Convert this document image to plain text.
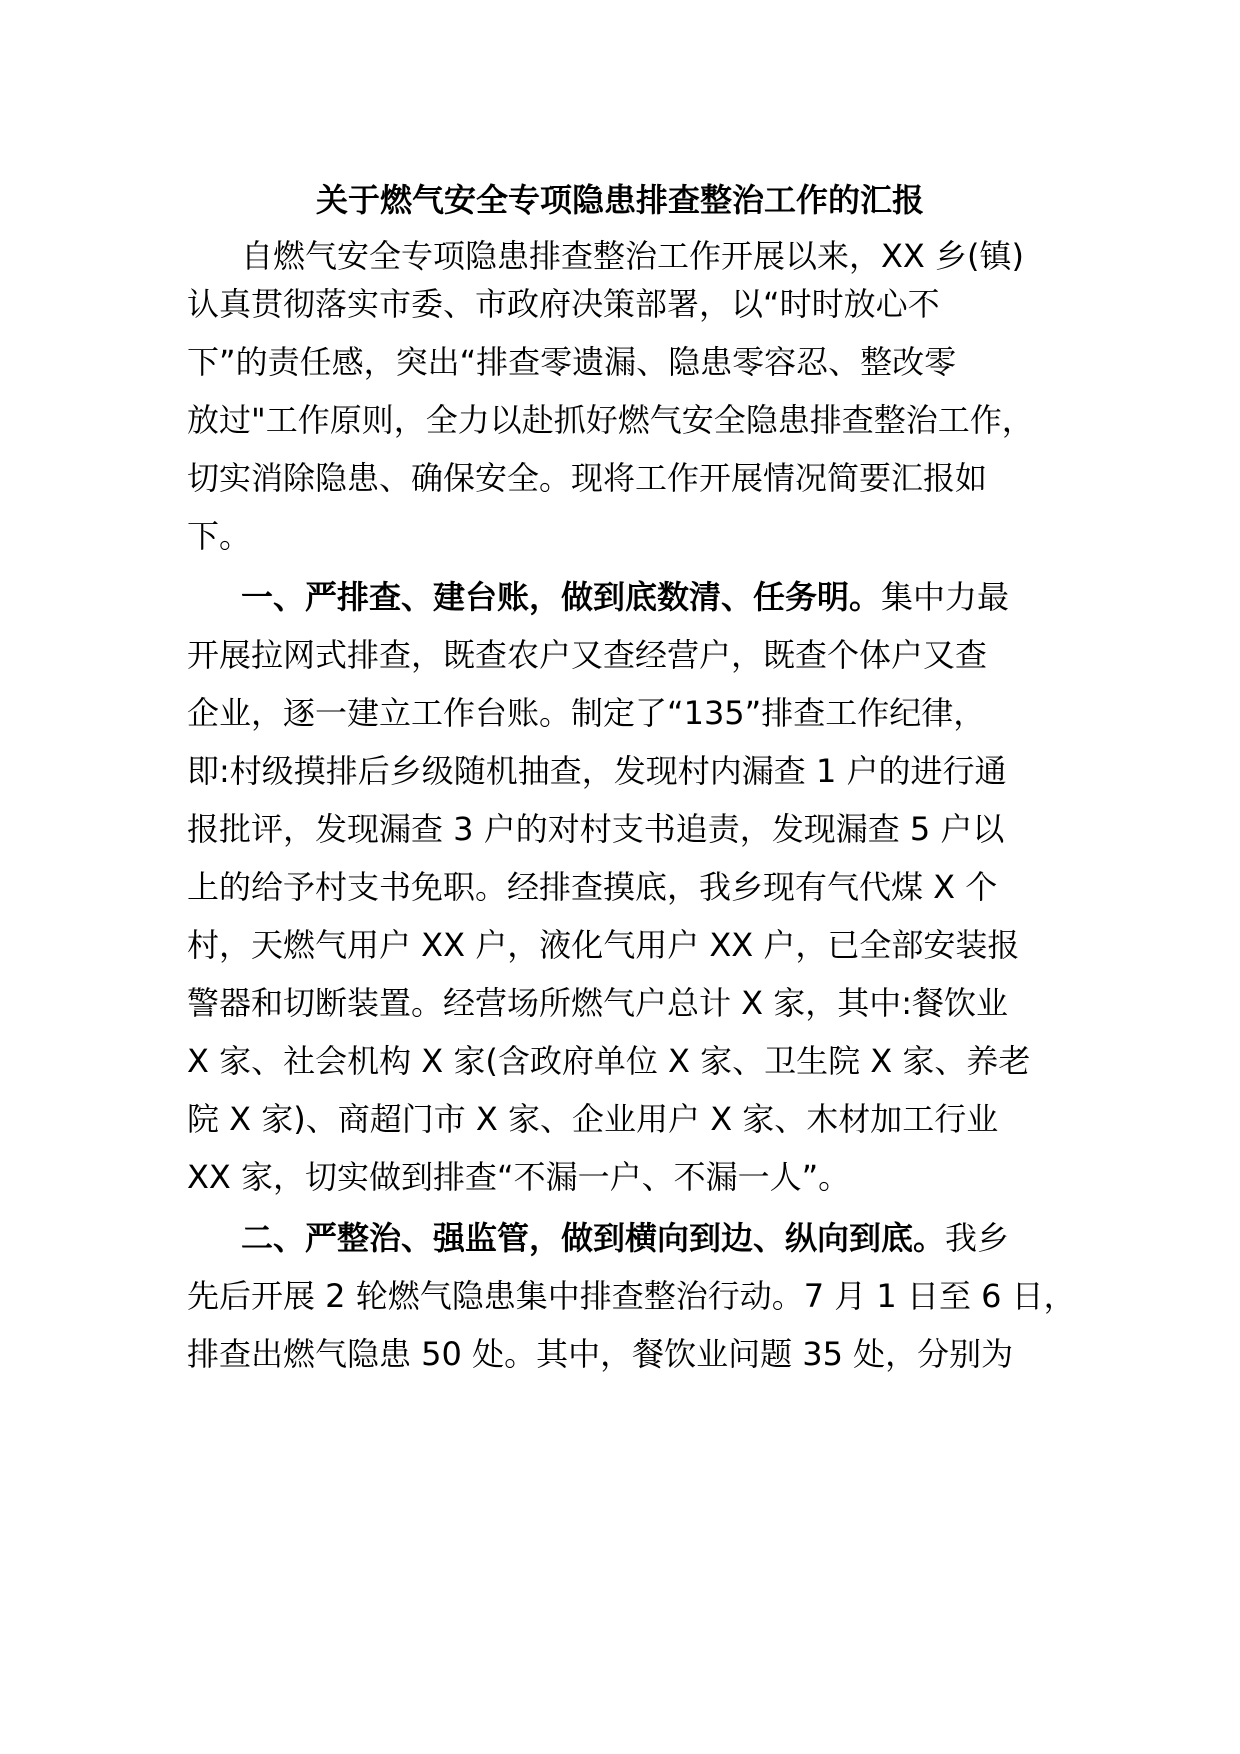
关于燃气安全专项隐患排查整治工作的汇报

自燃气安全专项隐患排查整治工作开展以来，XX 乡(镇)

认真贯彻落实市委、市政府决策部署，以“时时放心不

下”的责任感，突出“排查零遗漏、隐患零容忍、整改零

放过"工作原则，全力以赴抓好燃气安全隐患排查整治工作，

切实消除隐患、确保安全。现将工作开展情况简要汇报如

下。

一、严排查、建台账，做到底数清、任务明。集中力最

开展拉网式排查，既查农户又查经营户，既查个体户又查

企业，逐一建立工作台账。制定了“135”排查工作纪律，

即:村级摸排后乡级随机抽查，发现村内漏查 1 户的进行通

报批评，发现漏查 3 户的对村支书追责，发现漏查 5 户以

上的给予村支书免职。经排查摸底，我乡现有气代煤 X 个

村，天燃气用户 XX 户，液化气用户 XX 户，已全部安装报

警器和切断装置。经营场所燃气户总计 X 家，其中:餐饮业

X 家、社会机构 X 家(含政府单位 X 家、卫生院 X 家、养老

院 X 家)、商超门市 X 家、企业用户 X 家、木材加工行业

XX 家，切实做到排查“不漏一户、不漏一人”。

二、严整治、强监管，做到横向到边、纵向到底。我乡

先后开展 2 轮燃气隐患集中排查整治行动。7 月 1 日至 6 日，

排查出燃气隐患 50 处。其中，餐饮业问题 35 处，分别为
